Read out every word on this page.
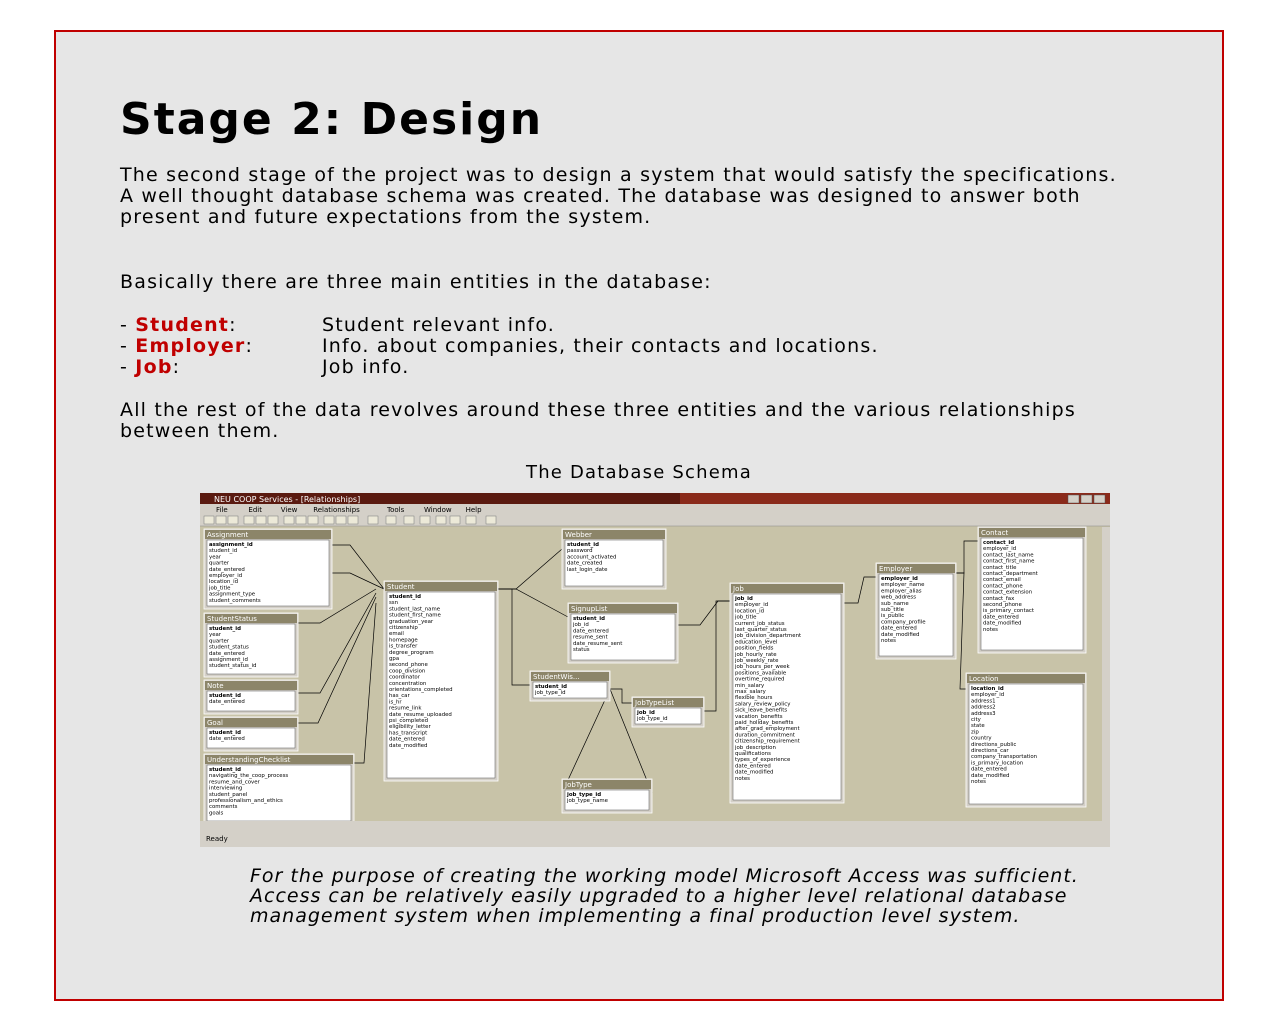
Stage 2: Design

The second stage of the project was to design a system that would satisfy the specifications. A well thought database schema was created. The database was designed to answer both present and future expectations from the system.

Basically there are three main entities in the database:

- Student:	Student relevant info.
- Employer:	Info. about companies, their contacts and locations.
- Job:	Job info.

All the rest of the data revolves around these three entities and the various relationships between them.

The Database Schema

NEU COOP Services - [Relationships]
File	Edit	View Relationships	Tools	Window Help
Assignment
assignment_id
student_id
year
quarter
date_entered
employer_id
location_id
job_title
assignment_type
student_comments
StudentStatus
student_id
year
quarter
student_status
date_entered
assignment_id
student_status_id
Note
student_id
date_entered
Goal
student_id
date_entered
UnderstandingChecklist
student_id
navigating_the_coop_process
resume_and_cover
interviewing
student_panel
professionalism_and_ethics
comments
goals
Student
student_id
ssn
student_last_name
student_first_name
graduation_year
citizenship
email
homepage
is_transfer
degree_program
gpa
second_phone
coop_division
coordinator
concentration
orientations_completed
has_car
is_hr
resume_link
date_resume_uploaded
psi_completed
eligibility_letter
has_transcript
date_entered
date_modified
Webber
student_id
password
account_activated
date_created
last_login_date
SignupList
student_id
job_id
date_entered
resume_sent
date_resume_sent
status
StudentWis...
student_id
job_type_id
JobTypeList
job_id
job_type_id
JobType
job_type_id
job_type_name
Job
job_id
employer_id
location_id
job_title
current_job_status
last_quarter_status
job_division_department
education_level
position_fields
job_hourly_rate
job_weekly_rate
job_hours_per_week
positions_available
overtime_required
min_salary
max_salary
flexible_hours
salary_review_policy
sick_leave_benefits
vacation_benefits
paid_holiday_benefits
after_grad_employment
duration_commitment
citizenship_requirement
job_description
qualifications
types_of_experience
date_entered
date_modified
notes
Employer
employer_id
employer_name
employer_alias
web_address
sub_name
sub_title
is_public
company_profile
date_entered
date_modified
notes
Contact
contact_id
employer_id
contact_last_name
contact_first_name
contact_title
contact_department
contact_email
contact_phone
contact_extension
contact_fax
second_phone
is_primary_contact
date_entered
date_modified
notes
Location
location_id
employer_id
address1
address2
address3
city
state
zip
country
directions_public
directions_car
company_transportation
is_primary_location
date_entered
date_modified
notes
Ready

For the purpose of creating the working model Microsoft Access was sufficient. Access can be relatively easily upgraded to a higher level relational database management system when implementing a final production level system.
